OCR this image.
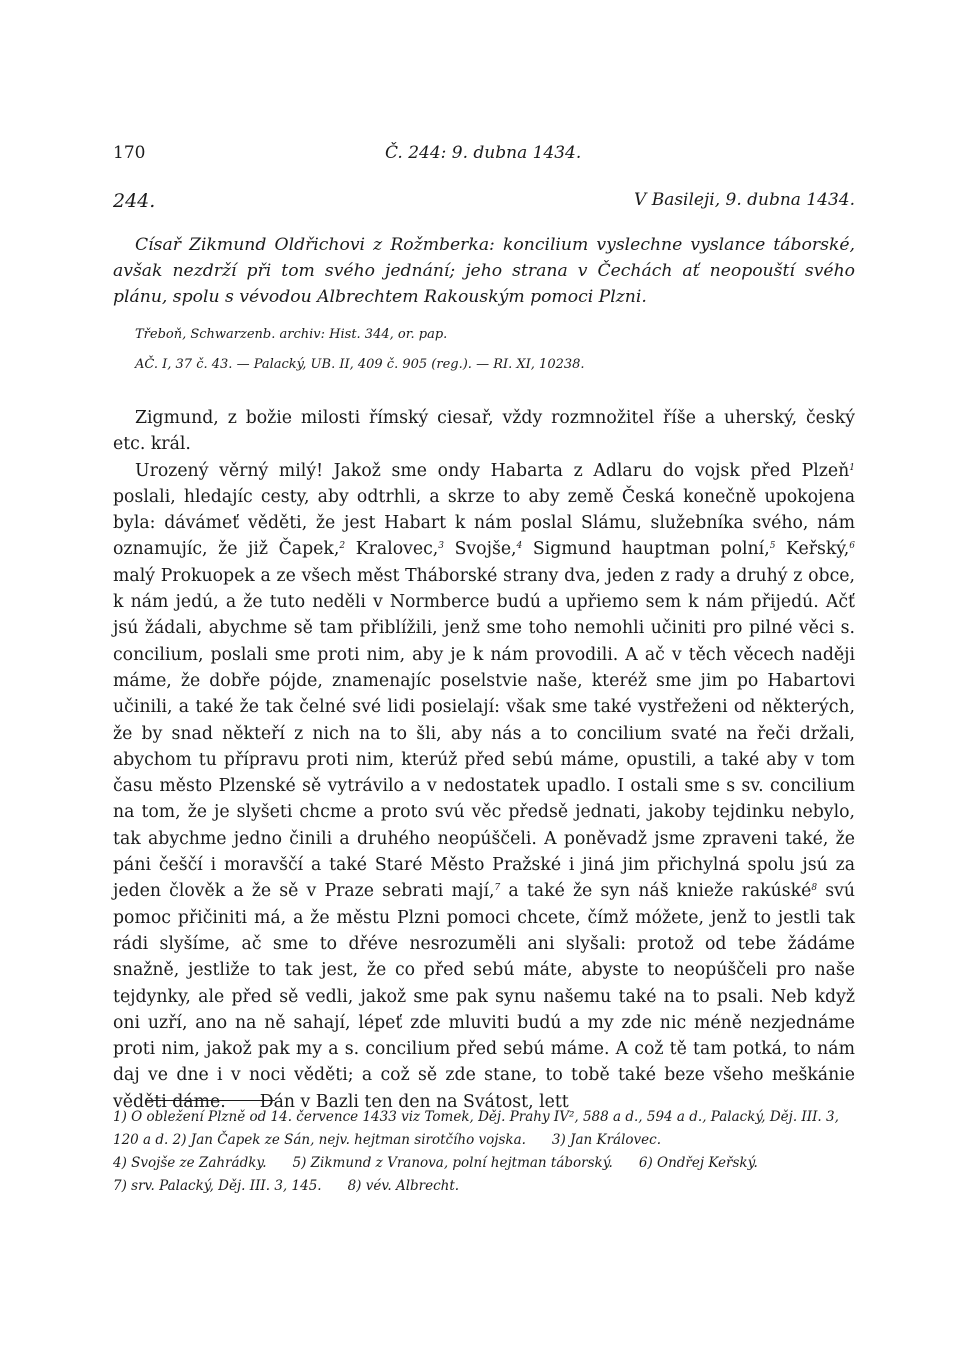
170	Č. 244: 9. dubna 1434.
244.	V Basileji, 9. dubna 1434.

Císař Zikmund Oldřichovi z Rožmberka: koncilium vyslechne vyslance táborské, avšak nezdrží při tom svého jednání; jeho strana v Čechách ať neopouští svého plánu, spolu s vévodou Albrechtem Rakouským pomoci Plzni.

Třeboň, Schwarzenb. archiv: Hist. 344, or. pap.

AČ. I, 37 č. 43. — Palacký, UB. II, 409 č. 905 (reg.). — RI. XI, 10238.

Zigmund, z božie milosti římský ciesař, vždy rozmnožitel říše a uherský, český etc. král.

Urozený věrný milý! Jakož sme ondy Habarta z Adlaru do vojsk před Plzeň$^1$ poslali, hledajíc cesty, aby odtrhli, a skrze to aby země Česká konečně upokojena byla: dávámeť věděti, že jest Habart k nám poslal Slámu, služebníka svého, nám oznamujíc, že již Čapek,$^2$ Kralovec,$^3$ Svojše,$^4$ Sigmund hauptman polní,$^5$ Keřský,$^6$ malý Prokuopek a ze všech měst Tháborské strany dva, jeden z rady a druhý z obce, k nám jedú, a že tuto neděli v Normberce budú a upřiemo sem k nám přijedú. Ačť jsú žádali, abychme sě tam přiblížili, jenž sme toho nemohli učiniti pro pilné věci s. concilium, poslali sme proti nim, aby je k nám provodili. A ač v těch věcech naději máme, že dobře pójde, znamenajíc poselstvie naše, kteréž sme jim po Habartovi učinili, a také že tak čelné své lidi posielají: však sme také vystřeženi od některých, že by snad někteří z nich na to šli, aby nás a to concilium svaté na řeči držali, abychom tu přípravu proti nim, kterúž před sebú máme, opustili, a také aby v tom času město Plzenské sě vytrávilo a v nedostatek upadlo. I ostali sme s sv. concilium na tom, že je slyšeti chcme a proto svú věc předsě jednati, jakoby tejdinku nebylo, tak abychme jedno činili a druhého neopúščeli. A poněvadž jsme zpraveni také, že páni češčí i moravščí a také Staré Město Pražské i jiná jim přichylná spolu jsú za jeden člověk a že sě v Praze sebrati mají,$^7$ a také že syn náš knieže rakúské$^8$ svú pomoc přičiniti má, a že městu Plzni pomoci chcete, čímž móžete, jenž to jestli tak rádi slyšíme, ač sme to dřéve nesrozuměli ani slyšali: protož od tebe žádáme snažně, jestliže to tak jest, že co před sebú máte, abyste to neopúščeli pro naše tejdynky, ale před sě vedli, jakož sme pak synu našemu také na to psali. Neb když oni uzří, ano na ně sahají, lépeť zde mluviti budú a my zde nic méně nezjednáme proti nim, jakož pak my a s. concilium před sebú máme. A což tě tam potká, to nám daj ve dne i v noci věděti; a což sě zde stane, to tobě také beze všeho meškánie věděti dáme. Dán v Bazli ten den na Svátost, lett

1) O obležení Plzně od 14. července 1433 viz Tomek, Děj. Prahy IV², 588 a d., 594 a d., Palacký, Děj. III. 3, 120 a d. 2) Jan Čapek ze Sán, nejv. hejtman sirotčího vojska. 3) Jan Královec.
4) Svojše ze Zahrádky. 5) Zikmund z Vranova, polní hejtman táborský. 6) Ondřej Keřský.
7) srv. Palacký, Děj. III. 3, 145. 8) vév. Albrecht.
